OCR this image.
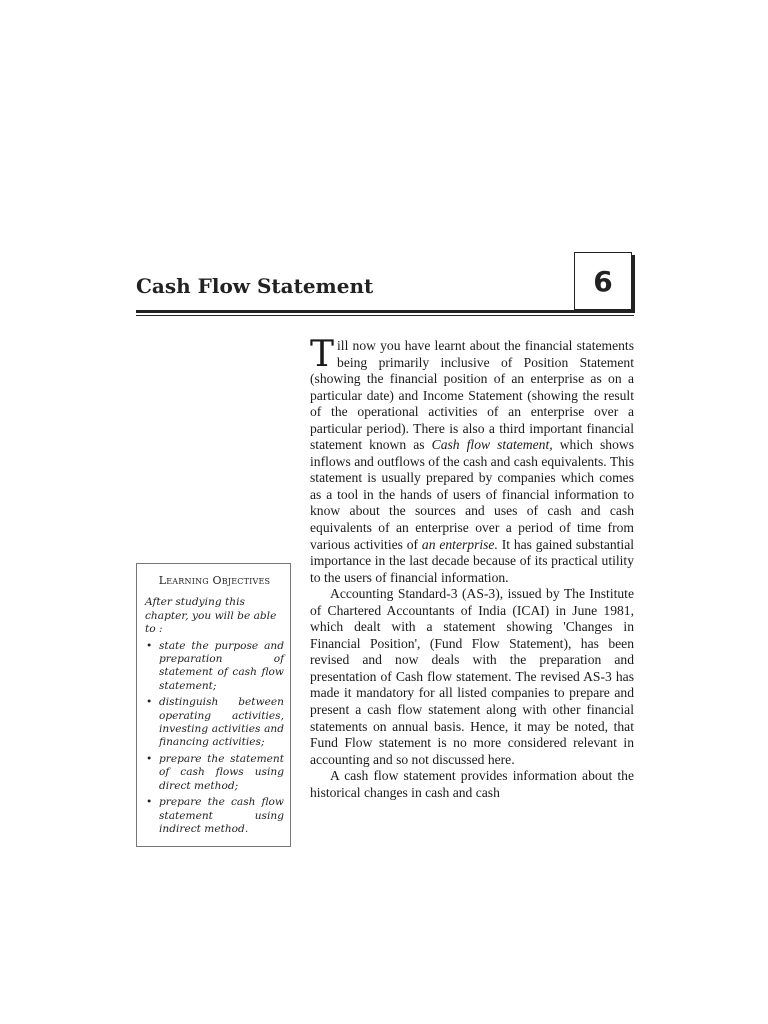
Cash Flow Statement	6
Learning Objectives
After studying this chapter, you will be able to :
• state the purpose and preparation of statement of cash flow statement;
• distinguish between operating activities, investing activities and financing activities;
• prepare the statement of cash flows using direct method;
• prepare the cash flow statement using indirect method.

Till now you have learnt about the financial statements being primarily inclusive of Position Statement (showing the financial position of an enterprise as on a particular date) and Income Statement (showing the result of the operational activities of an enterprise over a particular period). There is also a third important financial statement known as Cash flow statement, which shows inflows and outflows of the cash and cash equivalents. This statement is usually prepared by companies which comes as a tool in the hands of users of financial information to know about the sources and uses of cash and cash equivalents of an enterprise over a period of time from various activities of an enterprise. It has gained substantial importance in the last decade because of its practical utility to the users of financial information.

Accounting Standard-3 (AS-3), issued by The Institute of Chartered Accountants of India (ICAI) in June 1981, which dealt with a statement showing 'Changes in Financial Position', (Fund Flow Statement), has been revised and now deals with the preparation and presentation of Cash flow statement. The revised AS-3 has made it mandatory for all listed companies to prepare and present a cash flow statement along with other financial statements on annual basis. Hence, it may be noted, that Fund Flow statement is no more considered relevant in accounting and so not discussed here.

A cash flow statement provides information about the historical changes in cash and cash
